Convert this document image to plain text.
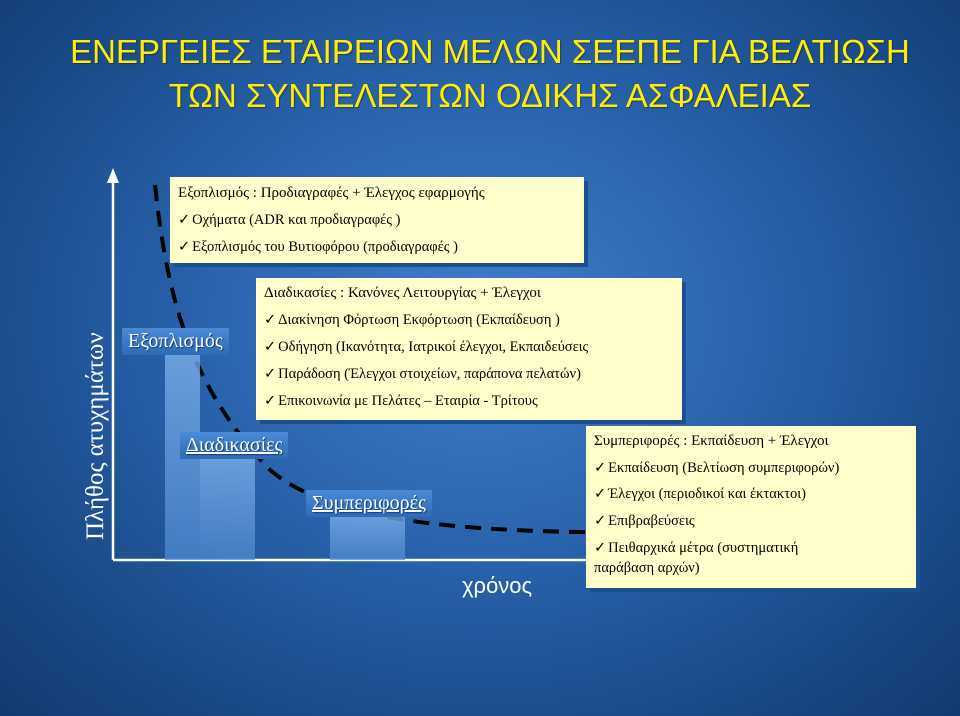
ΕΝΕΡΓΕΙΕΣ ΕΤΑΙΡΕΙΩΝ ΜΕΛΩΝ ΣΕΕΠΕ ΓΙΑ ΒΕΛΤΙΩΣΗ ΤΩΝ ΣΥΝΤΕΛΕΣΤΩΝ ΟΔΙΚΗΣ ΑΣΦΑΛΕΙΑΣ
Πλήθος ατυχημάτων
χρόνος
Εξοπλισμός
Διαδικασίες
Συμπεριφορές
Εξοπλισμός : Προδιαγραφές + Έλεγχος εφαρμογής
✓ Οχήματα (ADR και προδιαγραφές )
✓ Εξοπλισμός του Βυτιοφόρου (προδιαγραφές )
Διαδικασίες : Κανόνες Λειτουργίας + Έλεγχοι
✓ Διακίνηση Φόρτωση Εκφόρτωση (Εκπαίδευση )
✓ Οδήγηση (Ικανότητα, Ιατρικοί έλεγχοι, Εκπαιδεύσεις
✓ Παράδοση (Έλεγχοι στοιχείων, παράπονα πελατών)
✓ Επικοινωνία με Πελάτες – Εταιρία - Τρίτους
Συμπεριφορές : Εκπαίδευση + Έλεγχοι
✓ Εκπαίδευση (Βελτίωση συμπεριφορών)
✓ Έλεγχοι (περιοδικοί και έκτακτοι)
✓ Επιβραβεύσεις
✓ Πειθαρχικά μέτρα (συστηματική
παράβαση αρχών)
